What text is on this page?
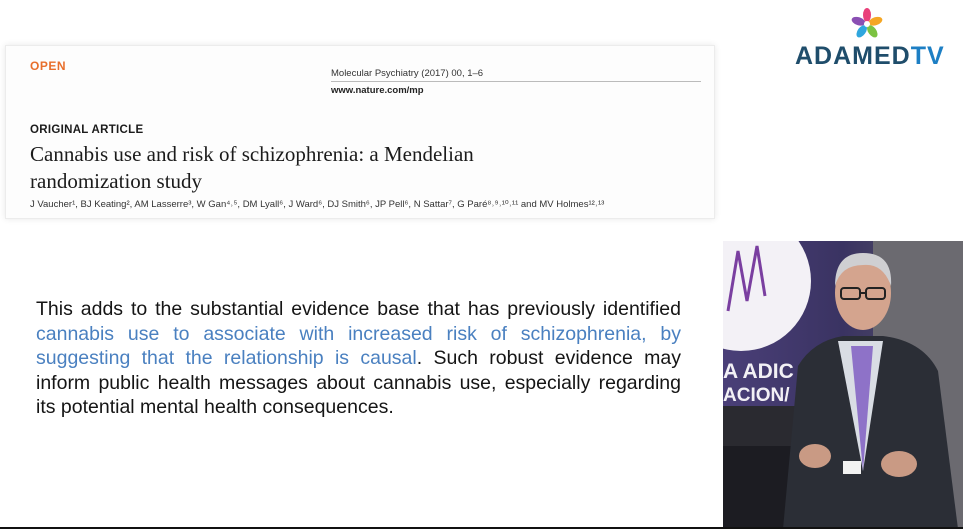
OPEN
Molecular Psychiatry (2017) 00, 1–6
www.nature.com/mp
ORIGINAL ARTICLE
Cannabis use and risk of schizophrenia: a Mendelian
randomization study
J Vaucher¹, BJ Keating², AM Lasserre³, W Gan⁴˒⁵, DM Lyall⁶, J Ward⁶, DJ Smith⁶, JP Pell⁶, N Sattar⁷, G Paré⁸˒⁹˒¹⁰˒¹¹ and MV Holmes¹²˒¹³
ADAMEDTV
This adds to the substantial evidence base that has previously identified cannabis use to associate with increased risk of schizophrenia, by suggesting that the relationship is causal. Such robust evidence may inform public health messages about cannabis use, especially regarding its potential mental health consequences.
A ADIC
ACION/
